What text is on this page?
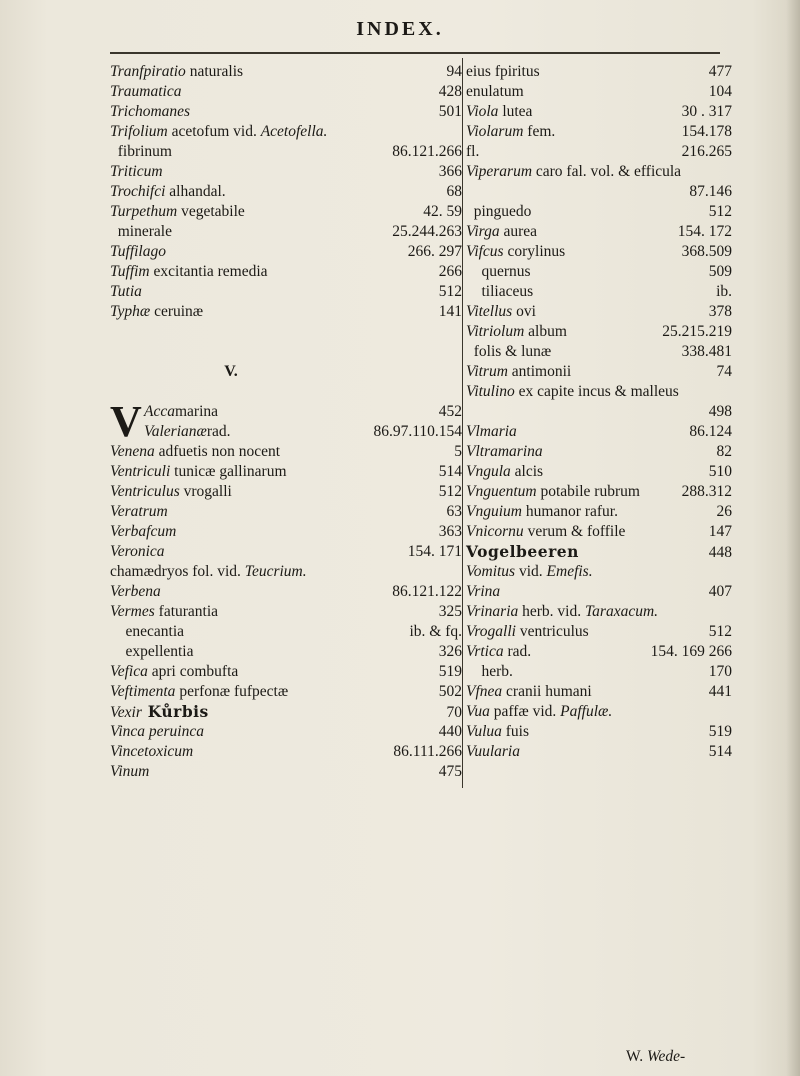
INDEX.
Tranfpiratio naturalis	94
Traumatica	428
Trichomanes	501
Trifolium acetofum vid. Acetofella.
fibrinum	86.121.266
Triticum	366
Trochifci alhandal.	68
Turpethum vegetabile	42. 59
minerale	25.244.263
Tuffilago	266. 297
Tuffim excitantia remedia	266
Tutia	512
Typhæ ceruinæ	141
V.
V Acca marina	452
Valerianæ rad.	86.97.110.154
Venena adfuetis non nocent	5
Ventriculi tunicæ gallinarum	514
Ventriculus vrogalli	512
Veratrum	63
Verbafcum	363
Veronica	154. 171
chamædryos fol. vid. Teucrium.
Verbena	86.121.122
Vermes faturantia	325
enecantia	ib. & fq.
expellentia	326
Vefica apri combufta	519
Veftimenta perfonæ fufpectæ	502
Vexir Kůrbis	70
Vinca peruinca	440
Vincetoxicum	86.111.266
Vinum	475
eius fpiritus	477
enulatum	104
Viola lutea	30 . 317
Violarum fem.	154.178
fl.	216.265
Viperarum caro fal. vol. & efficula
87.146
pinguedo	512
Virga aurea	154. 172
Vifcus corylinus	368.509
quernus	509
tiliaceus	ib.
Vitellus ovi	378
Vitriolum album	25.215.219
folis & lunæ	338.481
Vitrum antimonii	74
Vitulino ex capite incus & malleus
498
Vlmaria	86.124
Vltramarina	82
Vngula alcis	510
Vnguentum potabile rubrum	288.312
Vnguium humanor rafur.	26
Vnicornu verum & foffile	147
Vogelbeeren	448
Vomitus vid. Emefis.
Vrina	407
Vrinaria herb. vid. Taraxacum.
Vrogalli ventriculus	512
Vrtica rad.	154. 169 266
herb.	170
Vfnea cranii humani	441
Vua paffæ vid. Paffulæ.
Vulua fuis	519
Vuularia	514
W. Wede-
